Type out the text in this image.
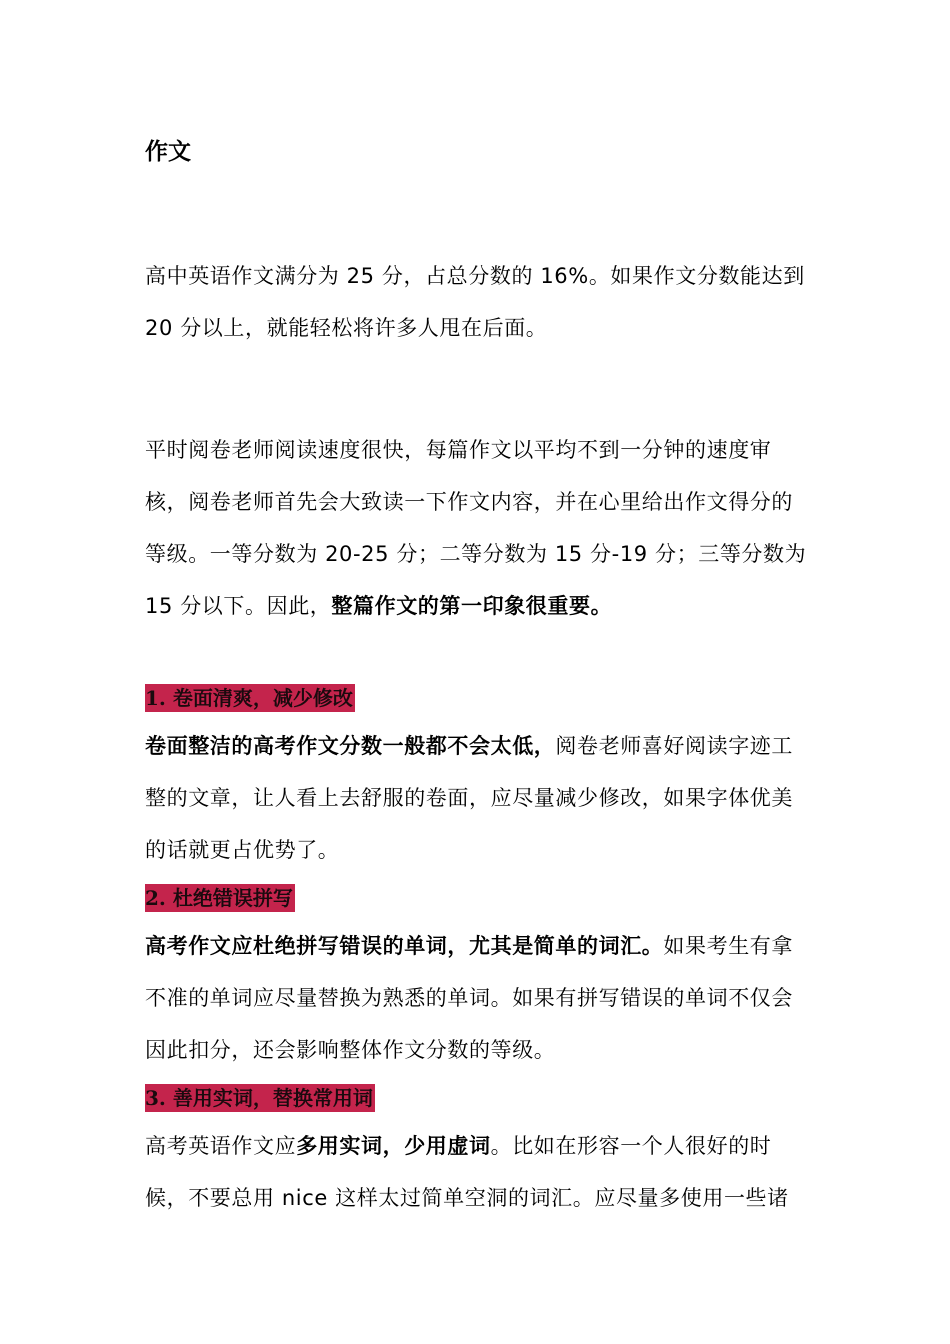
作文
高中英语作文满分为 25 分，占总分数的 16%。如果作文分数能达到 20 分以上，就能轻松将许多人甩在后面。
平时阅卷老师阅读速度很快，每篇作文以平均不到一分钟的速度审核，阅卷老师首先会大致读一下作文内容，并在心里给出作文得分的等级。一等分数为 20-25 分；二等分数为 15 分-19 分；三等分数为 15 分以下。因此，整篇作文的第一印象很重要。
1. 卷面清爽，减少修改
卷面整洁的高考作文分数一般都不会太低，阅卷老师喜好阅读字迹工整的文章，让人看上去舒服的卷面，应尽量减少修改，如果字体优美的话就更占优势了。
2. 杜绝错误拼写
高考作文应杜绝拼写错误的单词，尤其是简单的词汇。如果考生有拿不准的单词应尽量替换为熟悉的单词。如果有拼写错误的单词不仅会因此扣分，还会影响整体作文分数的等级。
3. 善用实词，替换常用词
高考英语作文应多用实词，少用虚词。比如在形容一个人很好的时候，不要总用 nice 这样太过简单空洞的词汇。应尽量多使用一些诸
